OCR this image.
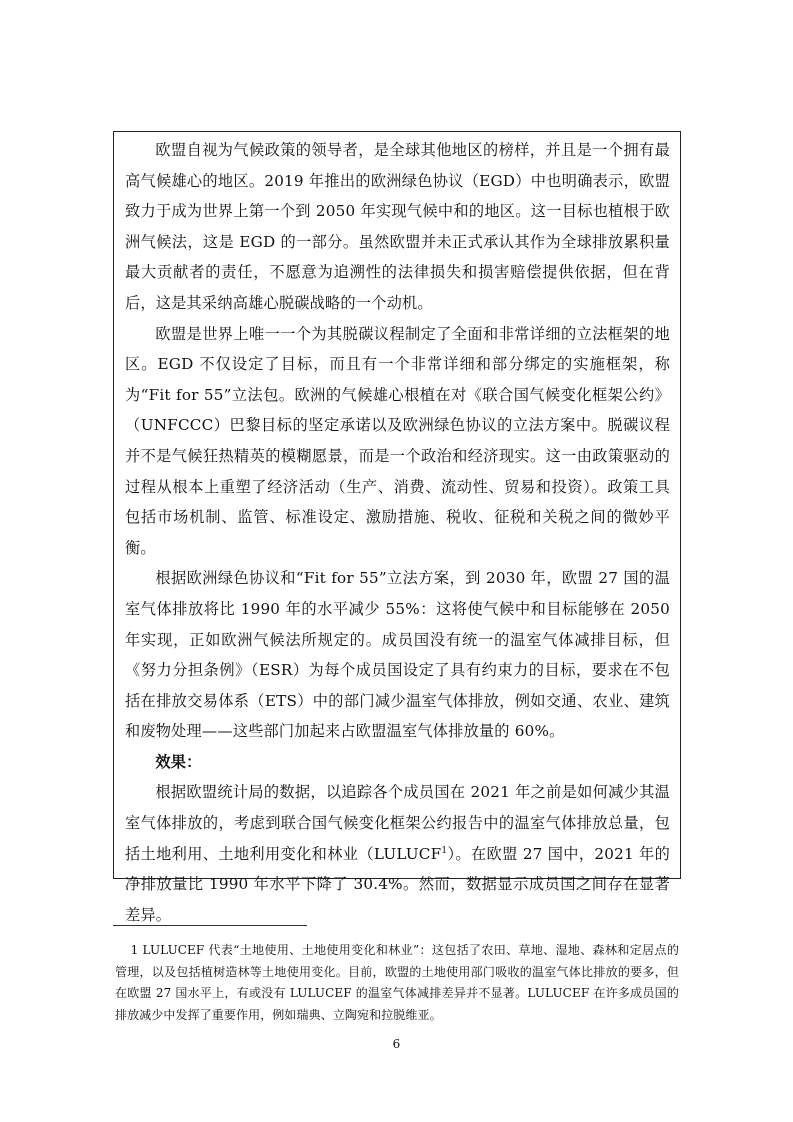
欧盟自视为气候政策的领导者，是全球其他地区的榜样，并且是一个拥有最高气候雄心的地区。2019 年推出的欧洲绿色协议（EGD）中也明确表示，欧盟致力于成为世界上第一个到 2050 年实现气候中和的地区。这一目标也植根于欧洲气候法，这是 EGD 的一部分。虽然欧盟并未正式承认其作为全球排放累积量最大贡献者的责任，不愿意为追溯性的法律损失和损害赔偿提供依据，但在背后，这是其采纳高雄心脱碳战略的一个动机。

欧盟是世界上唯一一个为其脱碳议程制定了全面和非常详细的立法框架的地区。EGD 不仅设定了目标，而且有一个非常详细和部分绑定的实施框架，称为“Fit for 55”立法包。欧洲的气候雄心根植在对《联合国气候变化框架公约》（UNFCCC）巴黎目标的坚定承诺以及欧洲绿色协议的立法方案中。脱碳议程并不是气候狂热精英的模糊愿景，而是一个政治和经济现实。这一由政策驱动的过程从根本上重塑了经济活动（生产、消费、流动性、贸易和投资）。政策工具包括市场机制、监管、标准设定、激励措施、税收、征税和关税之间的微妙平衡。

根据欧洲绿色协议和“Fit for 55”立法方案，到 2030 年，欧盟 27 国的温室气体排放将比 1990 年的水平减少 55%：这将使气候中和目标能够在 2050 年实现，正如欧洲气候法所规定的。成员国没有统一的温室气体减排目标，但《努力分担条例》（ESR）为每个成员国设定了具有约束力的目标，要求在不包括在排放交易体系（ETS）中的部门减少温室气体排放，例如交通、农业、建筑和废物处理——这些部门加起来占欧盟温室气体排放量的 60%。

效果：

根据欧盟统计局的数据，以追踪各个成员国在 2021 年之前是如何减少其温室气体排放的，考虑到联合国气候变化框架公约报告中的温室气体排放总量，包括土地利用、土地利用变化和林业（LULUCF$^1$）。在欧盟 27 国中，2021 年的净排放量比 1990 年水平下降了 30.4%。然而，数据显示成员国之间存在显著差异。

1 LULUCEF 代表“土地使用、土地使用变化和林业”：这包括了农田、草地、湿地、森林和定居点的管理，以及包括植树造林等土地使用变化。目前，欧盟的土地使用部门吸收的温室气体比排放的要多，但在欧盟 27 国水平上，有或没有 LULUCEF 的温室气体减排差异并不显著。LULUCEF 在许多成员国的排放减少中发挥了重要作用，例如瑞典、立陶宛和拉脱维亚。

6
